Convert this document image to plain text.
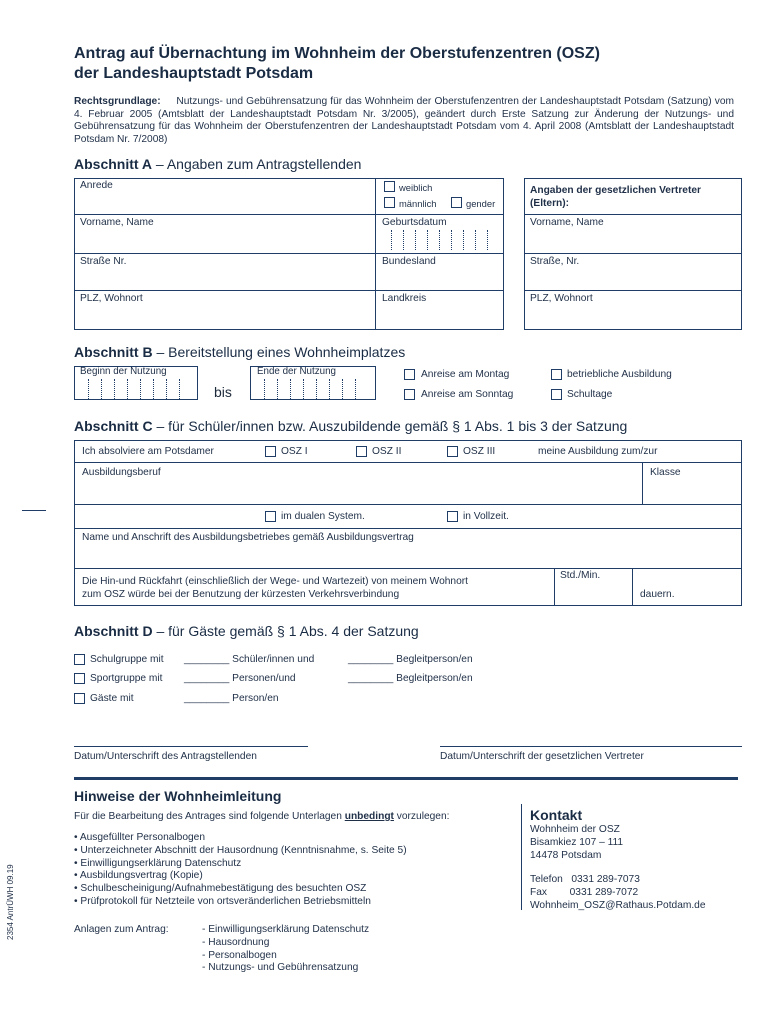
Antrag auf Übernachtung im Wohnheim der Oberstufenzentren (OSZ)
der Landeshauptstadt Potsdam
Rechtsgrundlage: Nutzungs- und Gebührensatzung für das Wohnheim der Oberstufenzentren der Landeshauptstadt Potsdam (Satzung) vom 4. Februar 2005 (Amtsblatt der Landeshauptstadt Potsdam Nr. 3/2005), geändert durch Erste Satzung zur Änderung der Nutzungs- und Gebührensatzung für das Wohnheim der Oberstufenzentren der Landeshauptstadt Potsdam vom 4. April 2008 (Amtsblatt der Landeshauptstadt Potsdam Nr. 7/2008)
Abschnitt A – Angaben zum Antragstellenden
Anrede	weiblich
männlich	gender
Vorname, Name	Geburtsdatum
Straße Nr.	Bundesland
PLZ, Wohnort	Landkreis
Angaben der gesetzlichen Vertreter (Eltern):
Vorname, Name
Straße, Nr.
PLZ, Wohnort
Abschnitt B – Bereitstellung eines Wohnheimplatzes
Beginn der Nutzung
bis
Ende der Nutzung	Anreise am Montag
Anreise am Sonntag
betriebliche Ausbildung
Schultage
Abschnitt C – für Schüler/innen bzw. Auszubildende gemäß § 1 Abs. 1 bis 3 der Satzung
Ich absolviere am Potsdamer	OSZ I	OSZ II	OSZ III	meine Ausbildung zum/zur
Ausbildungsberuf	Klasse
im dualen System.	in Vollzeit.
Name und Anschrift des Ausbildungsbetriebes gemäß Ausbildungsvertrag
Die Hin-und Rückfahrt (einschließlich der Wege- und Wartezeit) von meinem Wohnort
zum OSZ würde bei der Benutzung der kürzesten Verkehrsverbindung
Std./Min.
dauern.
Abschnitt D – für Gäste gemäß § 1 Abs. 4 der Satzung
Schulgruppe mit ________ Schüler/innen und	________ Begleitperson/en
Sportgruppe mit ________ Personen/und	________ Begleitperson/en
Gäste mit	________ Person/en
Datum/Unterschrift des Antragstellenden	Datum/Unterschrift der gesetzlichen Vertreter
Hinweise der Wohnheimleitung
Für die Bearbeitung des Antrages sind folgende Unterlagen unbedingt vorzulegen:
• Ausgefüllter Personalbogen
• Unterzeichneter Abschnitt der Hausordnung (Kenntnisnahme, s. Seite 5)
• Einwilligungserklärung Datenschutz
• Ausbildungsvertrag (Kopie)
• Schulbescheinigung/Aufnahmebestätigung des besuchten OSZ
• Prüfprotokoll für Netzteile von ortsveränderlichen Betriebsmitteln
Anlagen zum Antrag:	- Einwilligungserklärung Datenschutz
- Hausordnung
- Personalbogen
- Nutzungs- und Gebührensatzung
Kontakt
Wohnheim der OSZ
Bisamkiez 107 – 111
14478 Potsdam
Telefon   0331 289-7073
Fax        0331 289-7072
Wohnheim_OSZ@Rathaus.Potdam.de
2354 AntrÜWH 09.19
